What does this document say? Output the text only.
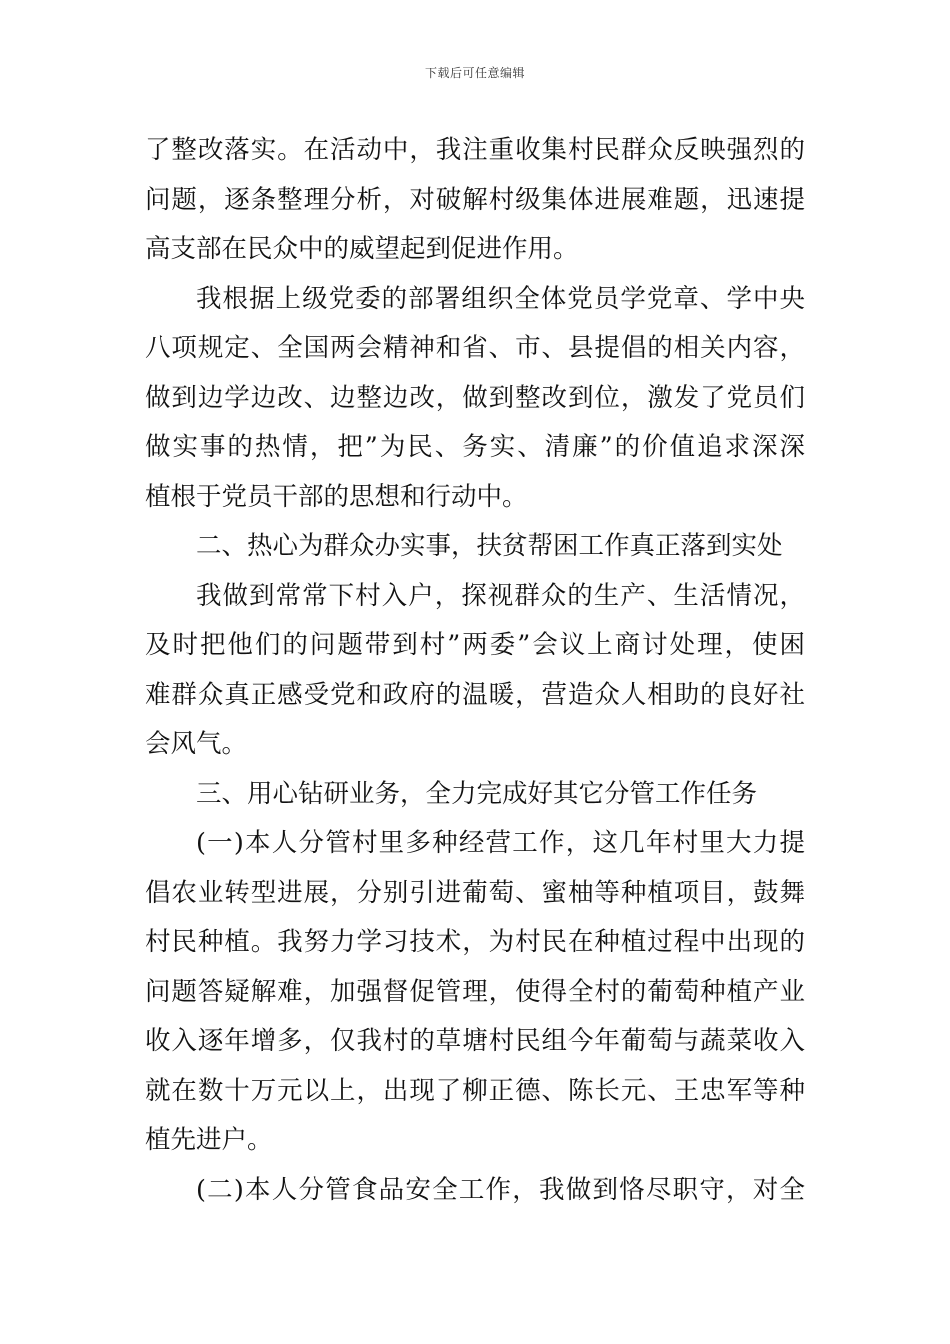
下载后可任意编辑
了整改落实。在活动中，我注重收集村民群众反映强烈的
问题，逐条整理分析，对破解村级集体进展难题，迅速提
高支部在民众中的威望起到促进作用。
我根据上级党委的部署组织全体党员学党章、学中央
八项规定、全国两会精神和省、市、县提倡的相关内容，
做到边学边改、边整边改，做到整改到位，激发了党员们
做实事的热情，把”为民、务实、清廉”的价值追求深深
植根于党员干部的思想和行动中。
二、热心为群众办实事，扶贫帮困工作真正落到实处
我做到常常下村入户，探视群众的生产、生活情况，
及时把他们的问题带到村”两委”会议上商讨处理，使困
难群众真正感受党和政府的温暖，营造众人相助的良好社
会风气。
三、用心钻研业务，全力完成好其它分管工作任务
(一)本人分管村里多种经营工作，这几年村里大力提
倡农业转型进展，分别引进葡萄、蜜柚等种植项目，鼓舞
村民种植。我努力学习技术，为村民在种植过程中出现的
问题答疑解难，加强督促管理，使得全村的葡萄种植产业
收入逐年增多，仅我村的草塘村民组今年葡萄与蔬菜收入
就在数十万元以上，出现了柳正德、陈长元、王忠军等种
植先进户。
(二)本人分管食品安全工作，我做到恪尽职守，对全
